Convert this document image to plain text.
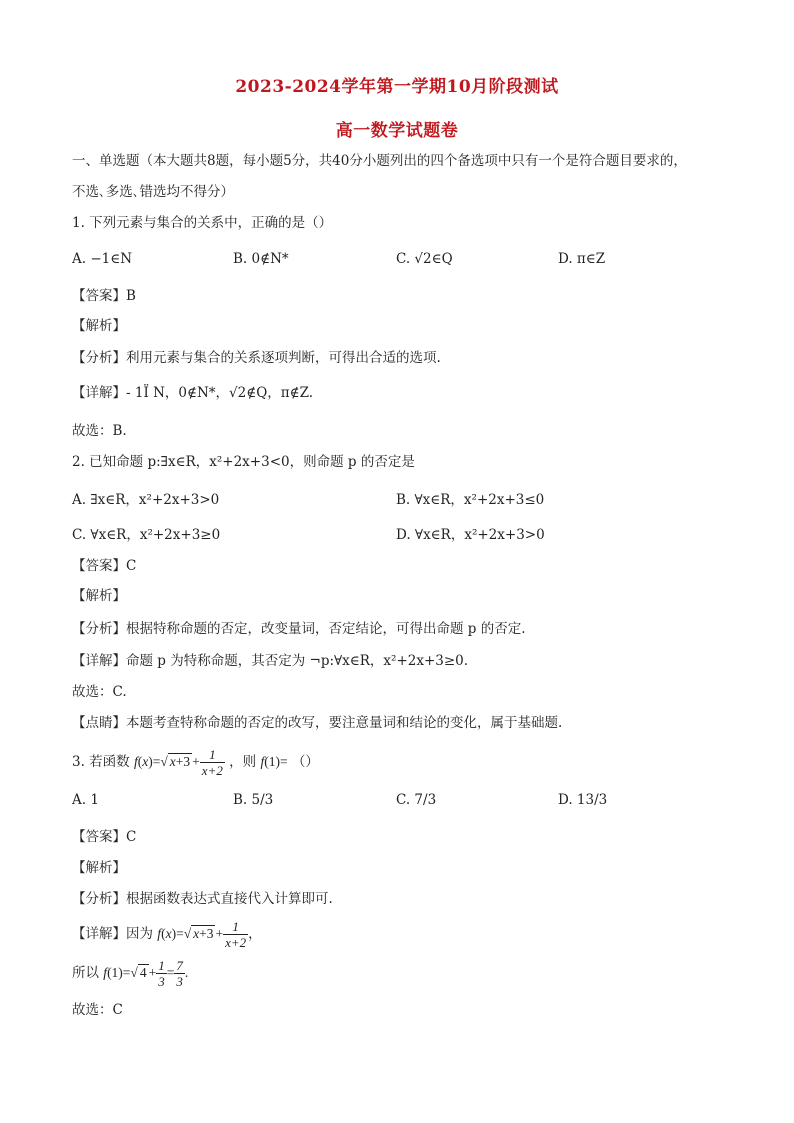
2023-2024学年第一学期10月阶段测试
高一数学试题卷
一、单选题（本大题共8题，每小题5分，共40分小题列出的四个备选项中只有一个是符合题目要求的，
不选､多选､错选均不得分）
1. 下列元素与集合的关系中，正确的是（）
A. −1∈N	B. 0∉N*	C. √2∈Q	D. π∈Z
【答案】B
【解析】
【分析】利用元素与集合的关系逐项判断，可得出合适的选项.
【详解】- 1Ï N，0∉N*，√2∉Q，π∉Z.
故选：B.
2. 已知命题 p:∃x∈R，x²+2x+3<0，则命题 p 的否定是
A. ∃x∈R，x²+2x+3>0	B. ∀x∈R，x²+2x+3≤0
C. ∀x∈R，x²+2x+3≥0	D. ∀x∈R，x²+2x+3>0
【答案】C
【解析】
【分析】根据特称命题的否定，改变量词，否定结论，可得出命题 p 的否定.
【详解】命题 p 为特称命题，其否定为 ¬p:∀x∈R，x²+2x+3≥0.
故选：C.
【点睛】本题考查特称命题的否定的改写，要注意量词和结论的变化，属于基础题.
3. 若函数 f(x)=√ $x+3 + \frac{1}{x+2}$ ，则 f(1)= （）
A. 1	B. 5/3	C. 7/3	D. 13/3
【答案】C
【解析】
【分析】根据函数表达式直接代入计算即可.
【详解】因为 f(x)=√ $x+3 + \frac{1}{x+2}$ ，
所以 f(1)=√ $4 + \frac{1}{3} = \frac{7}{3}$ .
故选：C
